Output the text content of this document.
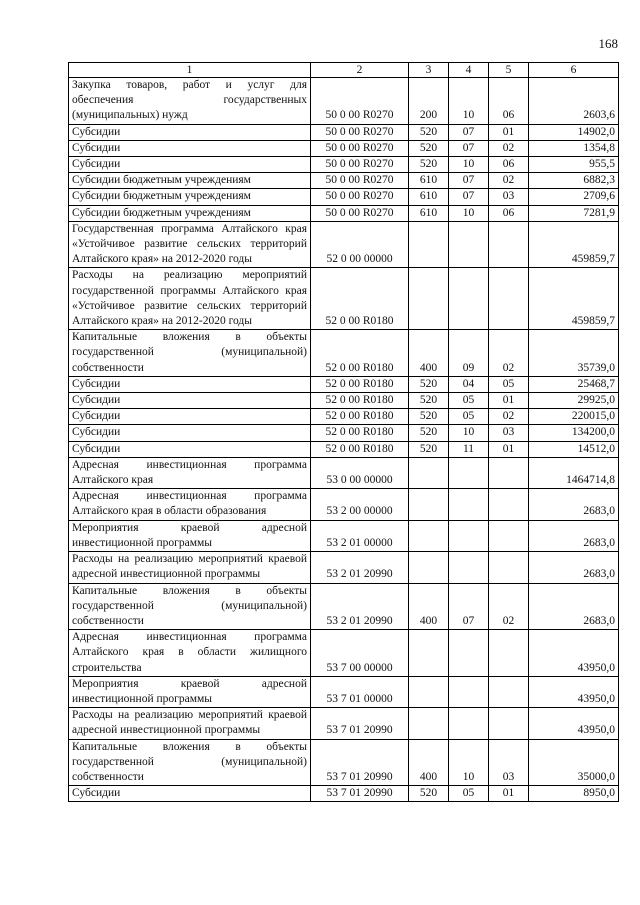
168
1	2	3	4	5	6
Закупка товаров, работ и услуг для обеспечения государственных (муниципальных) нужд	50 0 00 R0270	200	10	06	2603,6
Субсидии	50 0 00 R0270	520	07	01	14902,0
Субсидии	50 0 00 R0270	520	07	02	1354,8
Субсидии	50 0 00 R0270	520	10	06	955,5
Субсидии бюджетным учреждениям	50 0 00 R0270	610	07	02	6882,3
Субсидии бюджетным учреждениям	50 0 00 R0270	610	07	03	2709,6
Субсидии бюджетным учреждениям	50 0 00 R0270	610	10	06	7281,9
Государственная программа Алтайского края «Устойчивое развитие сельских территорий Алтайского края» на 2012-2020 годы	52 0 00 00000				459859,7
Расходы на реализацию мероприятий государственной программы Алтайского края «Устойчивое развитие сельских территорий Алтайского края» на 2012-2020 годы	52 0 00 R0180				459859,7
Капитальные вложения в объекты государственной (муниципальной) собственности	52 0 00 R0180	400	09	02	35739,0
Субсидии	52 0 00 R0180	520	04	05	25468,7
Субсидии	52 0 00 R0180	520	05	01	29925,0
Субсидии	52 0 00 R0180	520	05	02	220015,0
Субсидии	52 0 00 R0180	520	10	03	134200,0
Субсидии	52 0 00 R0180	520	11	01	14512,0
Адресная инвестиционная программа Алтайского края	53 0 00 00000				1464714,8
Адресная инвестиционная программа Алтайского края в области образования	53 2 00 00000				2683,0
Мероприятия краевой адресной инвестиционной программы	53 2 01 00000				2683,0
Расходы на реализацию мероприятий краевой адресной инвестиционной программы	53 2 01 20990				2683,0
Капитальные вложения в объекты государственной (муниципальной) собственности	53 2 01 20990	400	07	02	2683,0
Адресная инвестиционная программа Алтайского края в области жилищного строительства	53 7 00 00000				43950,0
Мероприятия краевой адресной инвестиционной программы	53 7 01 00000				43950,0
Расходы на реализацию мероприятий краевой адресной инвестиционной программы	53 7 01 20990				43950,0
Капитальные вложения в объекты государственной (муниципальной) собственности	53 7 01 20990	400	10	03	35000,0
Субсидии	53 7 01 20990	520	05	01	8950,0
